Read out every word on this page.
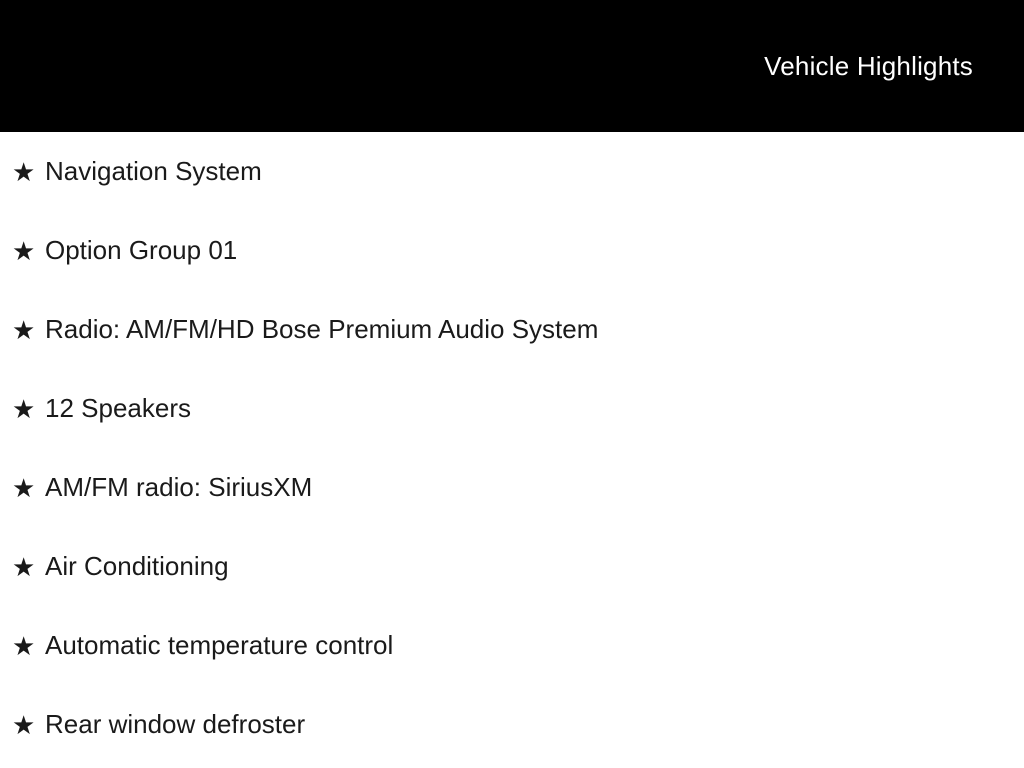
Vehicle Highlights
★ Navigation System
★ Option Group 01
★ Radio: AM/FM/HD Bose Premium Audio System
★ 12 Speakers
★ AM/FM radio: SiriusXM
★ Air Conditioning
★ Automatic temperature control
★ Rear window defroster
